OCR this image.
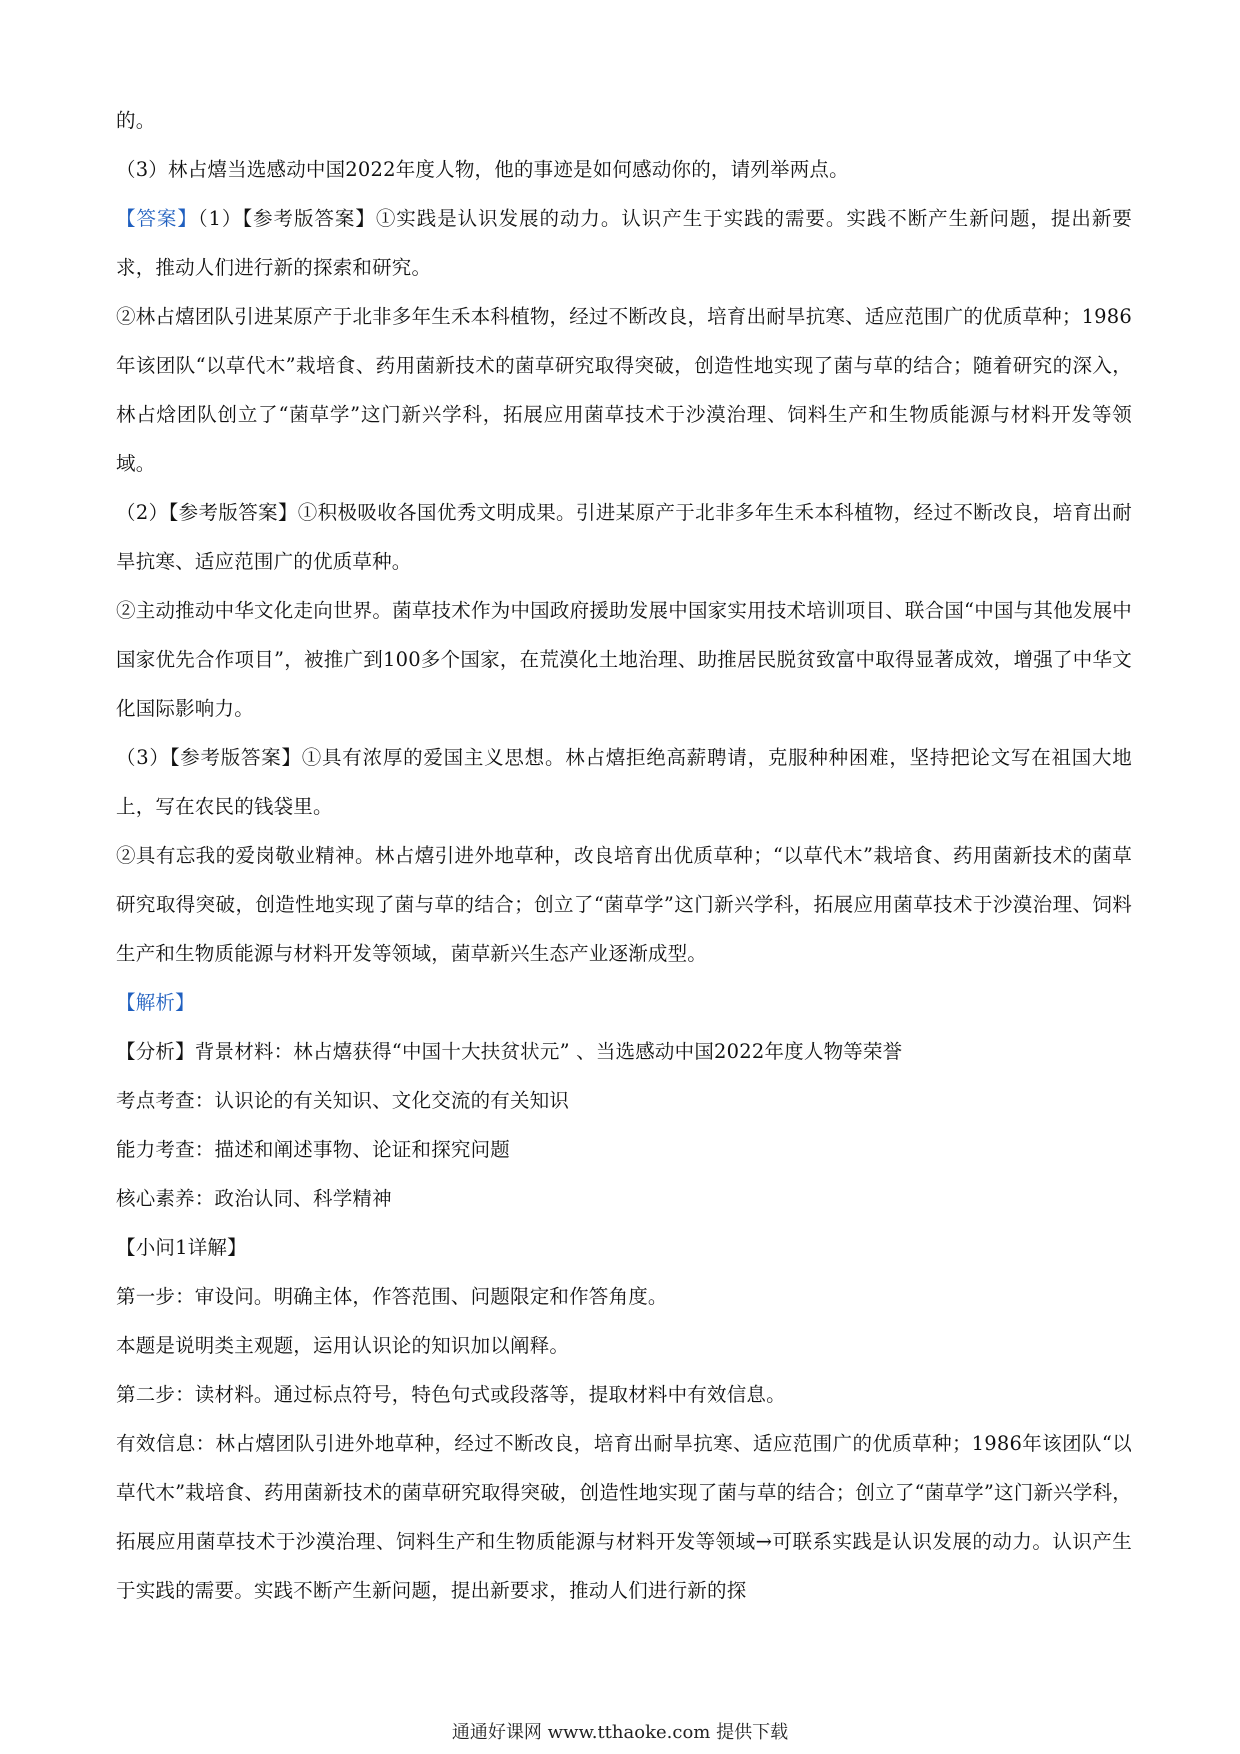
的。

（3）林占熺当选感动中国2022年度人物，他的事迹是如何感动你的，请列举两点。

【答案】（1）【参考版答案】①实践是认识发展的动力。认识产生于实践的需要。实践不断产生新问题，提出新要求，推动人们进行新的探索和研究。

②林占熺团队引进某原产于北非多年生禾本科植物，经过不断改良，培育出耐旱抗寒、适应范围广的优质草种；1986 年该团队“以草代木”栽培食、药用菌新技术的菌草研究取得突破，创造性地实现了菌与草的结合；随着研究的深入，林占焓团队创立了“菌草学”这门新兴学科，拓展应用菌草技术于沙漠治理、饲料生产和生物质能源与材料开发等领域。

（2）【参考版答案】①积极吸收各国优秀文明成果。引进某原产于北非多年生禾本科植物，经过不断改良，培育出耐旱抗寒、适应范围广的优质草种。

②主动推动中华文化走向世界。菌草技术作为中国政府援助发展中国家实用技术培训项目、联合国“中国与其他发展中国家优先合作项目”，被推广到100多个国家，在荒漠化土地治理、助推居民脱贫致富中取得显著成效，增强了中华文化国际影响力。

（3）【参考版答案】①具有浓厚的爱国主义思想。林占熺拒绝高薪聘请，克服种种困难，坚持把论文写在祖国大地上，写在农民的钱袋里。

②具有忘我的爱岗敬业精神。林占熺引进外地草种，改良培育出优质草种；“以草代木”栽培食、药用菌新技术的菌草研究取得突破，创造性地实现了菌与草的结合；创立了“菌草学”这门新兴学科，拓展应用菌草技术于沙漠治理、饲料生产和生物质能源与材料开发等领域，菌草新兴生态产业逐渐成型。

【解析】

【分析】背景材料：林占熺获得“中国十大扶贫状元” 、当选感动中国2022年度人物等荣誉

考点考查：认识论的有关知识、文化交流的有关知识

能力考查：描述和阐述事物、论证和探究问题

核心素养：政治认同、科学精神

【小问1详解】

第一步：审设问。明确主体，作答范围、问题限定和作答角度。

本题是说明类主观题，运用认识论的知识加以阐释。

第二步：读材料。通过标点符号，特色句式或段落等，提取材料中有效信息。

有效信息：林占熺团队引进外地草种，经过不断改良，培育出耐旱抗寒、适应范围广的优质草种；1986年该团队“以草代木”栽培食、药用菌新技术的菌草研究取得突破，创造性地实现了菌与草的结合；创立了“菌草学”这门新兴学科，拓展应用菌草技术于沙漠治理、饲料生产和生物质能源与材料开发等领域→可联系实践是认识发展的动力。认识产生于实践的需要。实践不断产生新问题，提出新要求，推动人们进行新的探

通通好课网 www.tthaoke.com 提供下载
